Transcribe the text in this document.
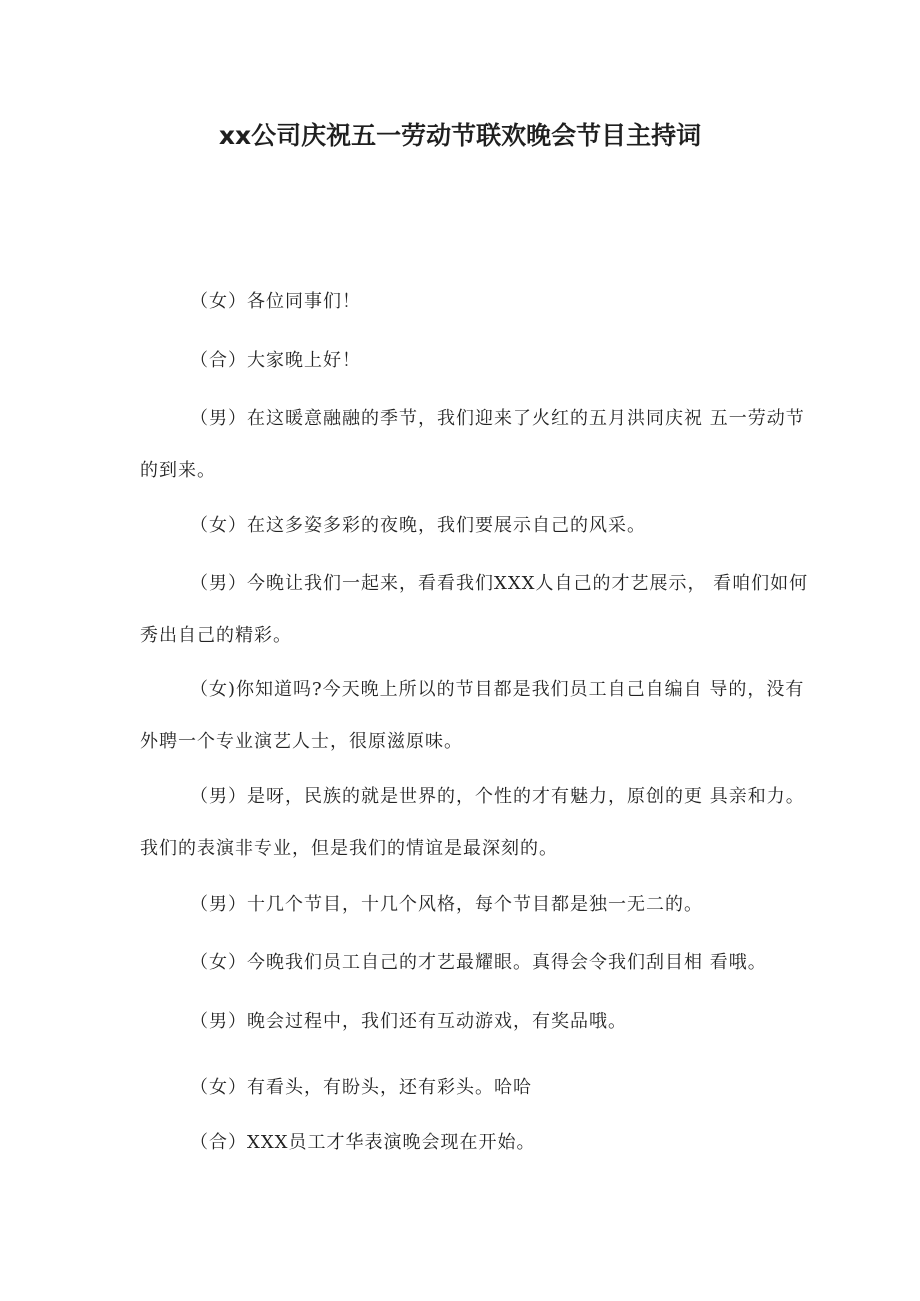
xx公司庆祝五一劳动节联欢晚会节目主持词

（女）各位同事们！

（合）大家晚上好！

（男）在这暖意融融的季节，我们迎来了火红的五月洪同庆祝 五一劳动节的到来。

（女）在这多姿多彩的夜晚，我们要展示自己的风采。

（男）今晚让我们一起来，看看我们XXX人自己的才艺展示， 看咱们如何秀出自己的精彩。

（女)你知道吗?今天晚上所以的节目都是我们员工自己自编自 导的，没有外聘一个专业演艺人士，很原滋原味。

（男）是呀，民族的就是世界的，个性的才有魅力，原创的更 具亲和力。我们的表演非专业，但是我们的情谊是最深刻的。

（男）十几个节目，十几个风格，每个节目都是独一无二的。

（女）今晚我们员工自己的才艺最耀眼。真得会令我们刮目相 看哦。

（男）晚会过程中，我们还有互动游戏，有奖品哦。

（女）有看头，有盼头，还有彩头。哈哈

（合）XXX员工才华表演晚会现在开始。
